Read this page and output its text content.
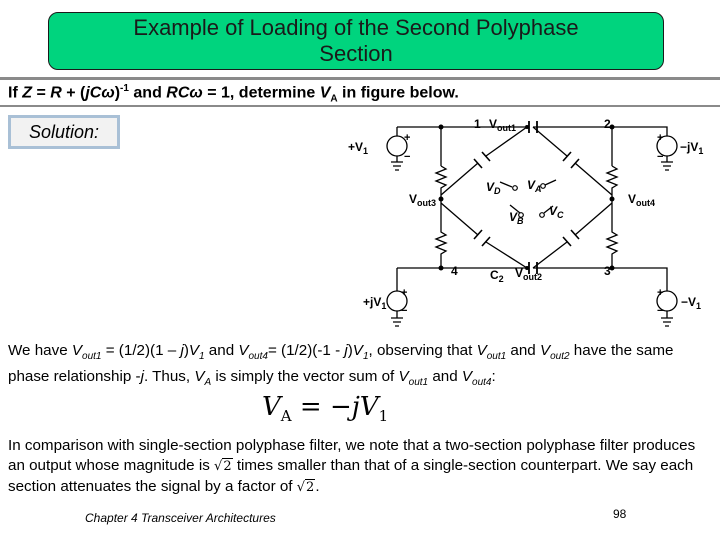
Example of Loading of the Second Polyphase
Section
If $Z = R + (jC\omega)^{-1}$ and RCω = 1, determine $V_A$ in figure below.
Solution:	+
−
+
−
+
−
+
−
1	2
3
4
$+V_1$	$-jV_1$
$+jV_1$	$-V_1$
$V_{out1}$
$V_{out2}$
$V_{out3}$	$V_{out4}$
$V_D$ $V_A$
$V_B$
$V_C$
$C_2$
We have $V_{out1} = (1/2)(1 - j)V_1$ and $V_{out4}= (1/2)(-1 - j)V_1$, observing that $V_{out1}$ and $V_{out2}$ have the same phase relationship -j. Thus, $V_A$ is simply the vector sum of $V_{out1}$ and $V_{out4}$:
$V_A = -jV_1$
In comparison with single-section polyphase filter, we note that a two-section polyphase filter produces an output whose magnitude is √2 times smaller than that of a single-section counterpart. We say each section attenuates the signal by a factor of √2.
Chapter 4 Transceiver Architectures	98
